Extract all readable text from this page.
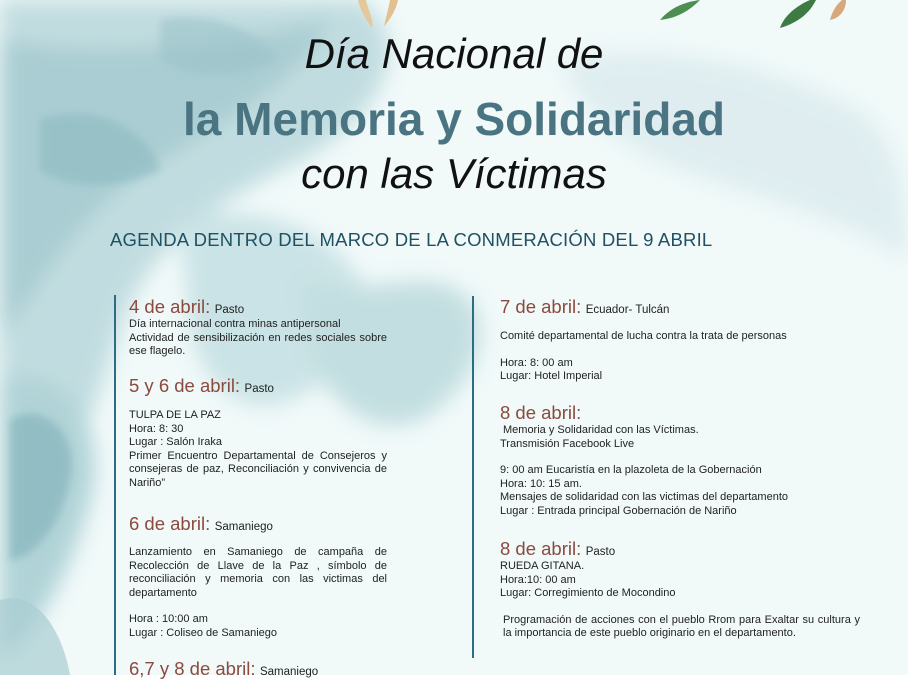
Día Nacional de
la Memoria y Solidaridad
con las Víctimas
AGENDA DENTRO DEL MARCO DE LA CONMERACIÓN DEL 9 ABRIL
4 de abril: Pasto
Día internacional contra minas antipersonal
Actividad de sensibilización en redes sociales sobre ese flagelo.
5 y 6 de abril: Pasto
TULPA DE LA PAZ
Hora: 8: 30
Lugar : Salón Iraka
Primer Encuentro Departamental de Consejeros y consejeras de paz, Reconciliación y convivencia de Nariño”
6 de abril: Samaniego
Lanzamiento en Samaniego de campaña de Recolección de Llave de la Paz , símbolo de reconciliación y memoria con las victimas del departamento
Hora : 10:00 am
Lugar : Coliseo de Samaniego
6,7 y 8 de abril: Samaniego
7 de abril: Ecuador- Tulcán
Comité departamental de lucha contra la trata de personas
Hora: 8: 00 am
Lugar: Hotel Imperial
8 de abril:
Memoria y Solidaridad con las Víctimas.
Transmisión Facebook Live
9: 00 am Eucaristía en la plazoleta de la Gobernación
Hora: 10: 15 am.
Mensajes de solidaridad con las victimas del departamento
Lugar : Entrada principal Gobernación de Nariño
8 de abril: Pasto
RUEDA GITANA.
Hora:10: 00 am
Lugar: Corregimiento de Mocondino
Programación de acciones con el pueblo Rrom para Exaltar su cultura y la importancia de este pueblo originario en el departamento.
